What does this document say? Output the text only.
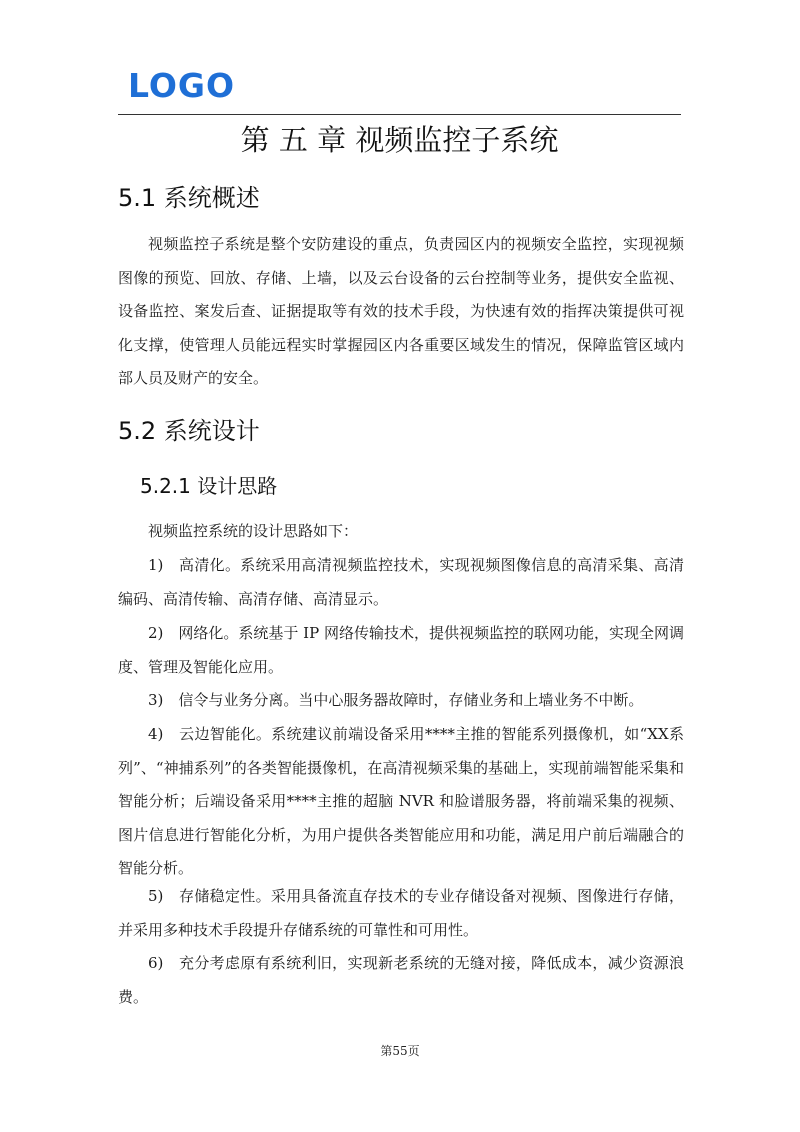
LOGO
第 五 章 视频监控子系统
5.1 系统概述

视频监控子系统是整个安防建设的重点，负责园区内的视频安全监控，实现视频图像的预览、回放、存储、上墙，以及云台设备的云台控制等业务，提供安全监视、设备监控、案发后查、证据提取等有效的技术手段，为快速有效的指挥决策提供可视化支撑，使管理人员能远程实时掌握园区内各重要区域发生的情况，保障监管区域内部人员及财产的安全。

5.2 系统设计
5.2.1 设计思路

视频监控系统的设计思路如下：

1)　高清化。系统采用高清视频监控技术，实现视频图像信息的高清采集、高清编码、高清传输、高清存储、高清显示。

2)　网络化。系统基于 IP 网络传输技术，提供视频监控的联网功能，实现全网调度、管理及智能化应用。

3)　信令与业务分离。当中心服务器故障时，存储业务和上墙业务不中断。

4)　云边智能化。系统建议前端设备采用****主推的智能系列摄像机，如“XX系列”、“神捕系列”的各类智能摄像机，在高清视频采集的基础上，实现前端智能采集和智能分析；后端设备采用****主推的超脑 NVR 和脸谱服务器，将前端采集的视频、图片信息进行智能化分析，为用户提供各类智能应用和功能，满足用户前后端融合的智能分析。

5)　存储稳定性。采用具备流直存技术的专业存储设备对视频、图像进行存储，并采用多种技术手段提升存储系统的可靠性和可用性。

6)　充分考虑原有系统利旧，实现新老系统的无缝对接，降低成本，减少资源浪费。

第55页
